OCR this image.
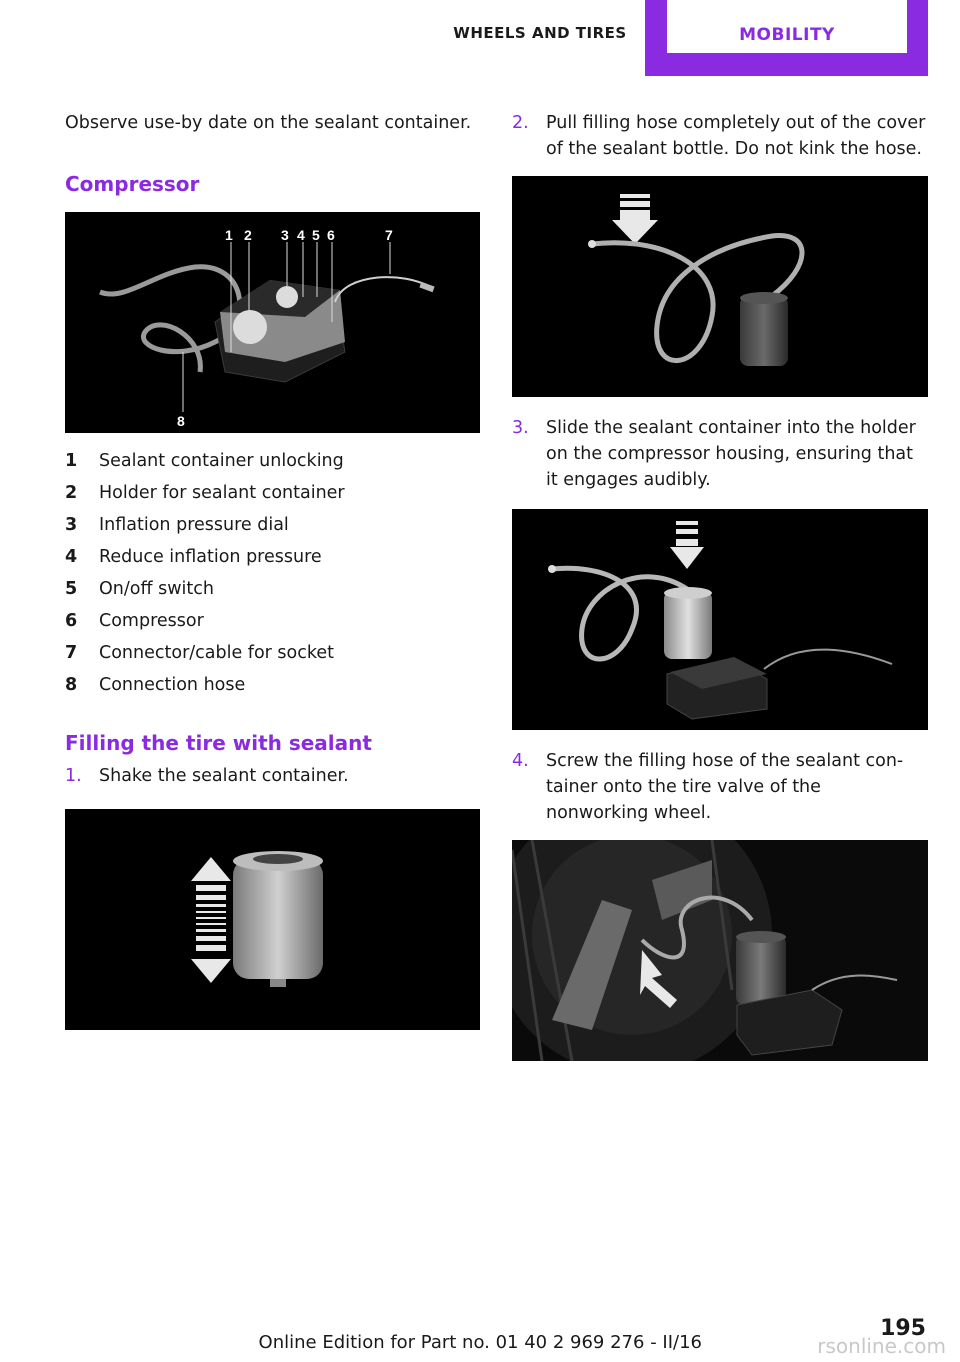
WHEELS AND TIRES	MOBILITY

Observe use-by date on the sealant container.

Compressor
1 2 3 4 5 6	7
8
1	Sealant container unlocking
2	Holder for sealant container
3	Inflation pressure dial
4	Reduce inflation pressure
5	On/off switch
6	Compressor
7	Connector/cable for socket
8	Connection hose
Filling the tire with sealant
1. Shake the sealant container.
2. Pull filling hose completely out of the cover of the sealant bottle. Do not kink the hose.
3. Slide the sealant container into the holder on the compressor housing, ensuring that it engages audibly.
4. Screw the filling hose of the sealant con‐ tainer onto the tire valve of the nonworking wheel.
195
Online Edition for Part no. 01 40 2 969 276 - II/16	rsonline.com
